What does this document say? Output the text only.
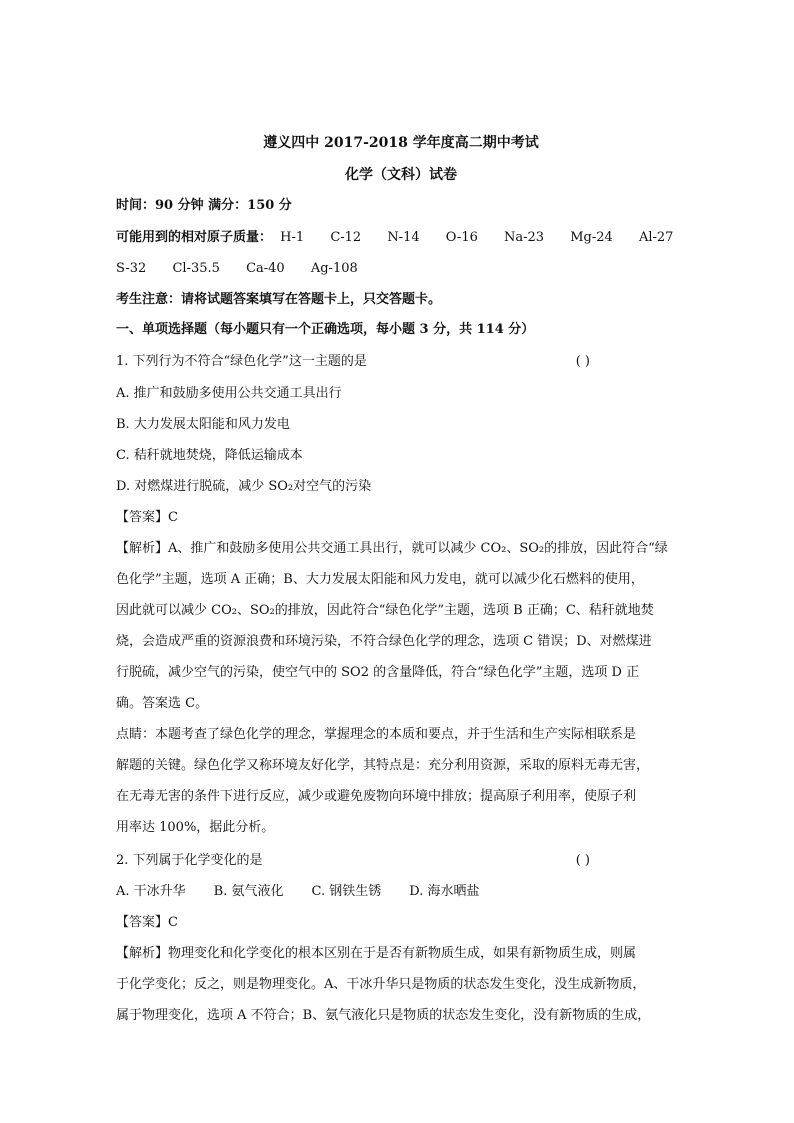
遵义四中 2017-2018 学年度高二期中考试
化学（文科）试卷
时间：90 分钟 满分：150 分
可能用到的相对原子质量： H-1 C-12 N-14 O-16 Na-23 Mg-24 Al-27
S-32 Cl-35.5 Ca-40 Ag-108
考生注意：请将试题答案填写在答题卡上，只交答题卡。
一、单项选择题（每小题只有一个正确选项，每小题 3 分，共 114 分）
1. 下列行为不符合“绿色化学”这一主题的是	( )
A. 推广和鼓励多使用公共交通工具出行
B. 大力发展太阳能和风力发电
C. 秸秆就地焚烧，降低运输成本
D. 对燃煤进行脱硫，减少 SO₂对空气的污染
【答案】C
【解析】A、推广和鼓励多使用公共交通工具出行，就可以减少 CO₂、SO₂的排放，因此符合“绿
色化学”主题，选项 A 正确；B、大力发展太阳能和风力发电，就可以减少化石燃料的使用，
因此就可以减少 CO₂、SO₂的排放，因此符合“绿色化学”主题，选项 B 正确；C、秸秆就地焚
烧，会造成严重的资源浪费和环境污染，不符合绿色化学的理念，选项 C 错误；D、对燃煤进
行脱硫，减少空气的污染，使空气中的 SO2 的含量降低，符合“绿色化学”主题，选项 D 正
确。答案选 C。
点睛：本题考查了绿色化学的理念，掌握理念的本质和要点，并于生活和生产实际相联系是
解题的关键。绿色化学又称环境友好化学，其特点是：充分利用资源，采取的原料无毒无害，
在无毒无害的条件下进行反应，减少或避免废物向环境中排放；提高原子利用率，使原子利
用率达 100%，据此分析。
2. 下列属于化学变化的是	( )
A. 干冰升华 B. 氨气液化 C. 钢铁生锈 D. 海水晒盐
【答案】C
【解析】物理变化和化学变化的根本区别在于是否有新物质生成，如果有新物质生成，则属
于化学变化；反之，则是物理变化。A、干冰升华只是物质的状态发生变化，没生成新物质，
属于物理变化，选项 A 不符合；B、氨气液化只是物质的状态发生变化，没有新物质的生成，
